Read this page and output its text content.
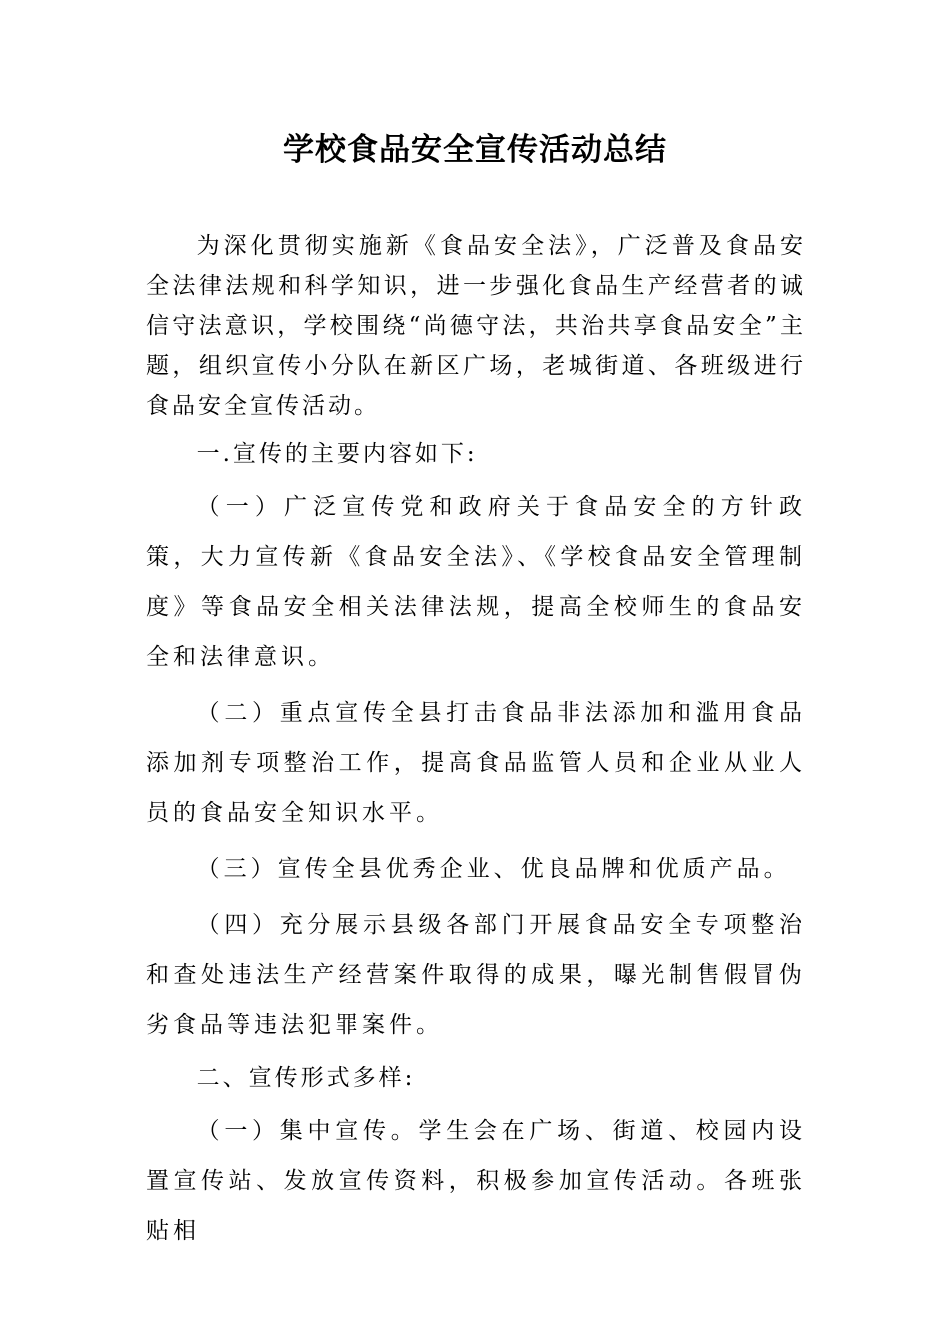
学校食品安全宣传活动总结

为深化贯彻实施新《食品安全法》，广泛普及食品安全法律法规和科学知识，进一步强化食品生产经营者的诚信守法意识，学校围绕“尚德守法，共治共享食品安全”主题，组织宣传小分队在新区广场，老城街道、各班级进行食品安全宣传活动。

一.宣传的主要内容如下:

（一）广泛宣传党和政府关于食品安全的方针政策，大力宣传新《食品安全法》、《学校食品安全管理制度》等食品安全相关法律法规，提高全校师生的食品安全和法律意识。

（二）重点宣传全县打击食品非法添加和滥用食品添加剂专项整治工作，提高食品监管人员和企业从业人员的食品安全知识水平。

（三）宣传全县优秀企业、优良品牌和优质产品。

（四）充分展示县级各部门开展食品安全专项整治和查处违法生产经营案件取得的成果，曝光制售假冒伪劣食品等违法犯罪案件。

二、宣传形式多样:

（一）集中宣传。学生会在广场、街道、校园内设置宣传站、发放宣传资料，积极参加宣传活动。各班张贴相
